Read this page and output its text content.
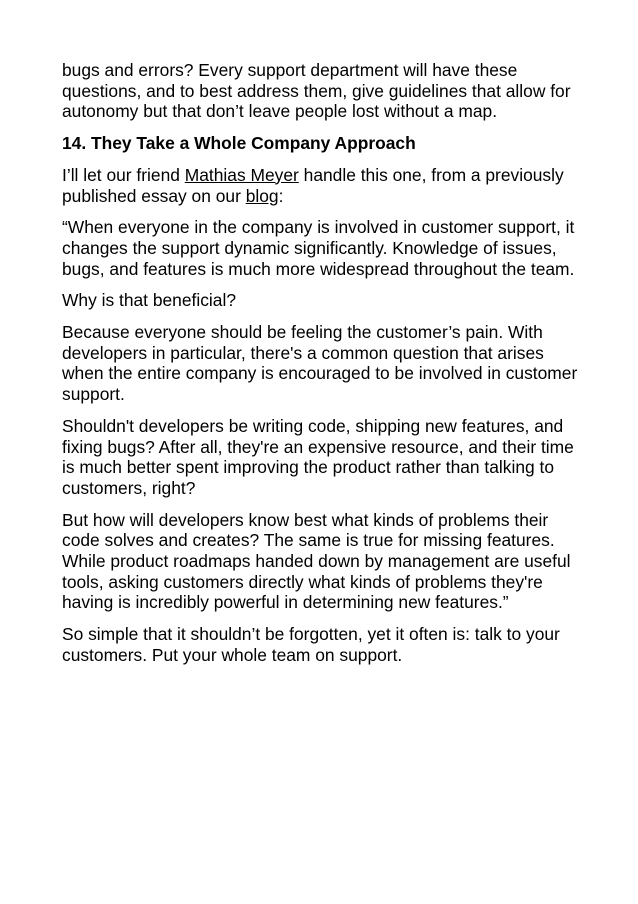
bugs and errors? Every support department will have these questions, and to best address them, give guidelines that allow for autonomy but that don’t leave people lost without a map.

14. They Take a Whole Company Approach

I’ll let our friend Mathias Meyer handle this one, from a previously published essay on our blog:

“When everyone in the company is involved in customer support, it changes the support dynamic significantly. Knowledge of issues, bugs, and features is much more widespread throughout the team.

Why is that beneficial?

Because everyone should be feeling the customer’s pain. With developers in particular, there's a common question that arises when the entire company is encouraged to be involved in customer support.

Shouldn't developers be writing code, shipping new features, and fixing bugs? After all, they're an expensive resource, and their time is much better spent improving the product rather than talking to customers, right?

But how will developers know best what kinds of problems their code solves and creates? The same is true for missing features. While product roadmaps handed down by management are useful tools, asking customers directly what kinds of problems they're having is incredibly powerful in determining new features.”

So simple that it shouldn’t be forgotten, yet it often is: talk to your customers. Put your whole team on support.
